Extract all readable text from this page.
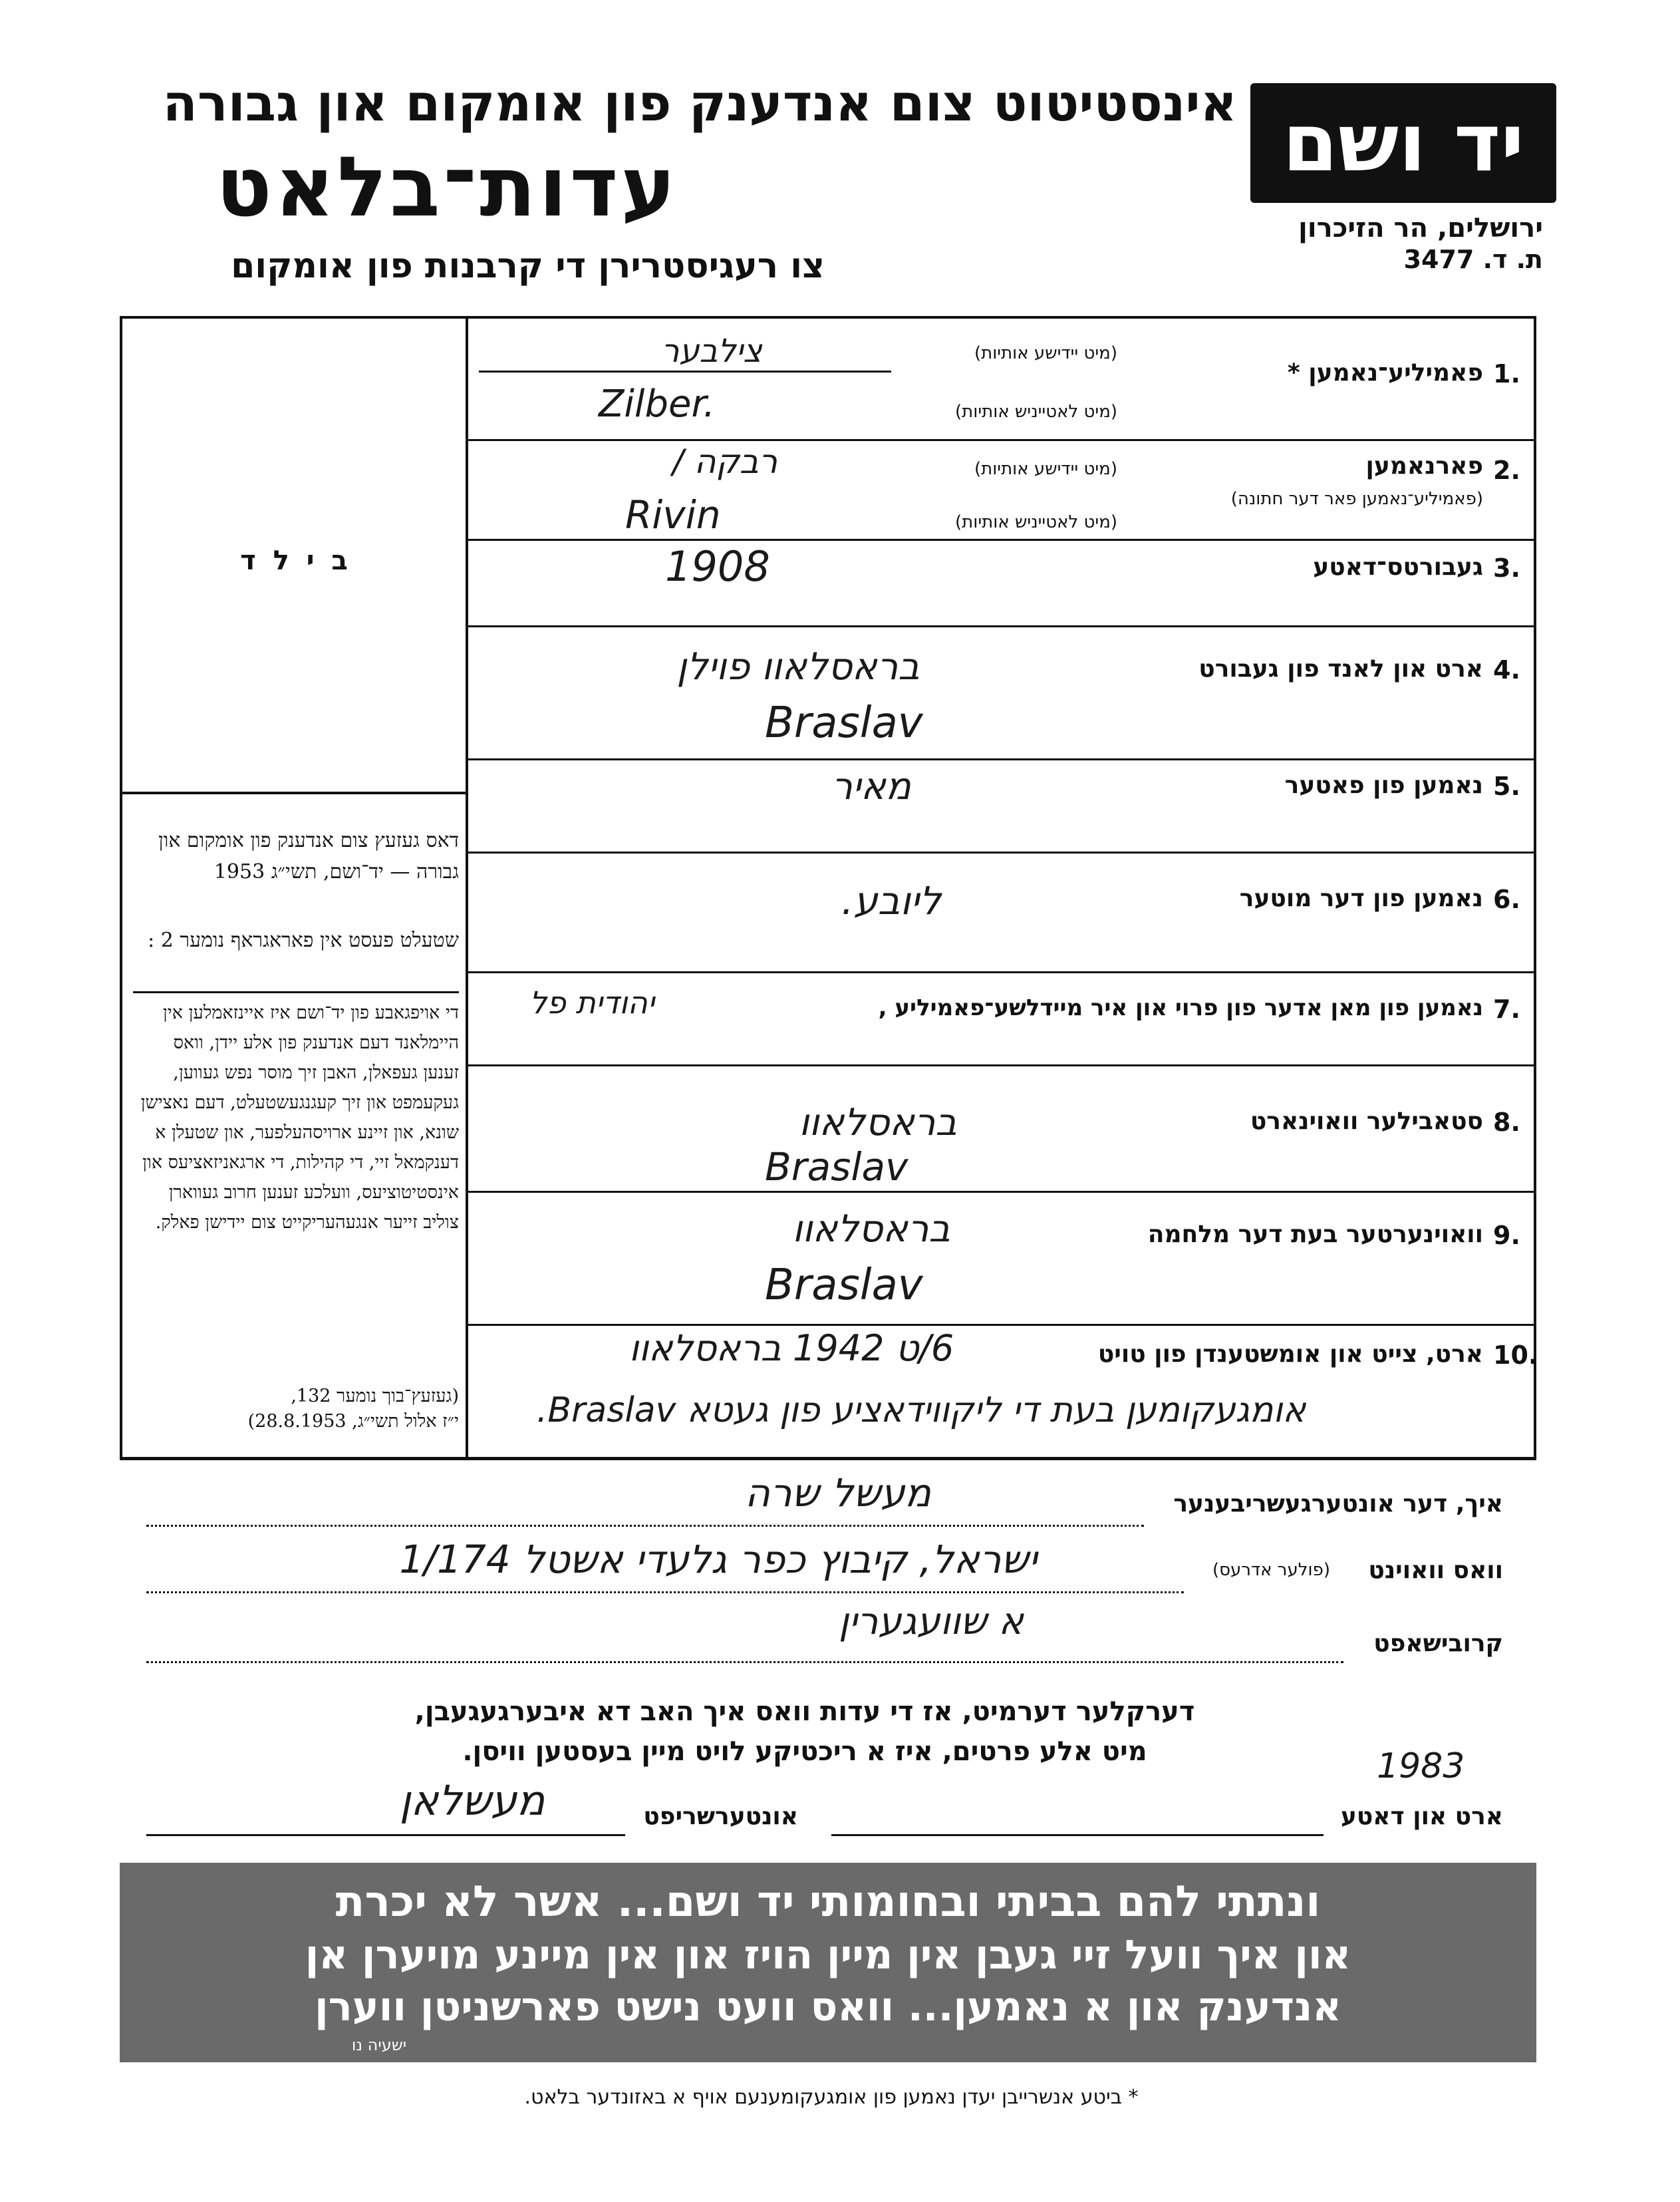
אינסטיטוט צום אנדענק פון אומקום און גבורה
עדות־בלאט
צו רעגיסטרירן די קרבנות פון אומקום
יד ושם
ירושלים, הר הזיכרון
ת. ד. 3477
ב י ל ד
דאס געזעץ צום אנדענק פון אומקום און גבורה — יד־ושם, תשי״ג 1953
שטעלט פעסט אין פאראגראף נומער 2 :
די אויפגאבע פון יד־ושם איז איינזאמלען אין היימלאנד דעם אנדענק פון אלע יידן, וואס זענען געפאלן, האבן זיך מוסר נפש געווען, געקעמפט און זיך קעגנגעשטעלט, דעם נאצישן שונא, און זיינע ארויסהעלפער, און שטעלן א דענקמאל זיי, די קהילות, די ארגאניזאציעס און אינסטיטוציעס, וועלכע זענען חרוב געווארן צוליב זייער אנגעהעריקייט צום יידישן פאלק.
(געזעץ־בוך נומער 132,
י״ז אלול תשי״ג, 28.8.1953)
1.
פאמיליע־נאמען *
(מיט יידישע אותיות)
(מיט לאטייניש אותיות)
צילבער
Zilber.
2.
פארנאמען
(פאמיליע־נאמען פאר דער חתונה)
(מיט יידישע אותיות)
(מיט לאטייניש אותיות)
רבקה /
Rivin
3.
געבורטס־דאטע
1908
4.
ארט און לאנד פון געבורט
בראסלאוו פוילן
Braslav
5.
נאמען פון פאטער
מאיר
6.
נאמען פון דער מוטער
ליובע.
7.
נאמען פון מאן אדער פון פרוי און איר מיידלשע־פאמיליע ,
יהודית פל
8.
סטאבילער וואוינארט
בראסלאוו
Braslav
9.
וואוינערטער בעת דער מלחמה
בראסלאוו
Braslav
10.
ארט, צייט און אומשטענדן פון טויט
6/ט 1942 בראסלאוו
אומגעקומען בעת די ליקווידאציע פון געטא Braslav.
איך, דער אונטערגעשריבענער
מעשל שרה
וואס וואוינט
(פולער אדרעס)
ישראל, קיבוץ כפר גלעדי אשטל 1/174
קרובישאפט
א שוועגערין
דערקלער דערמיט, אז די עדות וואס איך האב דא איבערגעגעבן,
מיט אלע פרטים, איז א ריכטיקע לויט מיין בעסטען וויסן.
ארט און דאטע
1983
אונטערשריפט
מעשלאן
ונתתי להם בביתי ובחומותי יד ושם... אשר לא יכרת
און איך וועל זיי געבן אין מיין הויז און אין מיינע מויערן אן
אנדענק און א נאמען... וואס וועט נישט פארשניטן ווערן
ישעיה נו
* ביטע אנשרייבן יעדן נאמען פון אומגעקומענעם אויף א באזונדער בלאט.
